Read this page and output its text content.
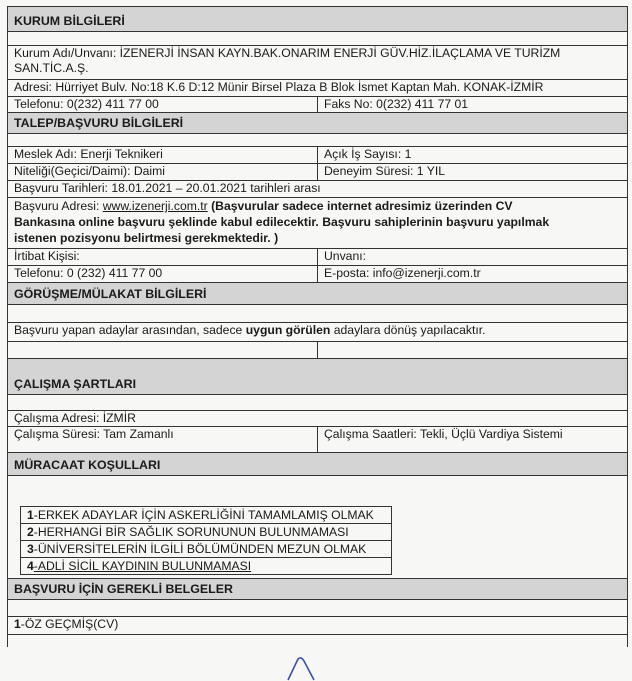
KURUM BİLGİLERİ
Kurum Adı/Unvanı: İZENERJİ İNSAN KAYN.BAK.ONARIM ENERJİ GÜV.HİZ.İLAÇLAMA VE TURİZM
SAN.TİC.A.Ş.
Adresi: Hürriyet Bulv. No:18 K.6 D:12 Münir Birsel Plaza B Blok İsmet Kaptan Mah. KONAK-İZMİR
Telefonu: 0(232) 411 77 00	Faks No: 0(232) 411 77 01
TALEP/BAŞVURU BİLGİLERİ
Meslek Adı: Enerji Teknikeri	Açık İş Sayısı: 1
Niteliği(Geçici/Daimi): Daimi	Deneyim Süresi: 1 YIL
Başvuru Tarihleri: 18.01.2021 – 20.01.2021 tarihleri arası
Başvuru Adresi: www.izenerji.com.tr (Başvurular sadece internet adresimiz üzerinden CV
Bankasına online başvuru şeklinde kabul edilecektir. Başvuru sahiplerinin başvuru yapılmak
istenen pozisyonu belirtmesi gerekmektedir. )
İrtibat Kişisi:	Unvanı:
Telefonu: 0 (232) 411 77 00	E-posta: info@izenerji.com.tr
GÖRÜŞME/MÜLAKAT BİLGİLERİ
Başvuru yapan adaylar arasından, sadece uygun görülen adaylara dönüş yapılacaktır.
ÇALIŞMA ŞARTLARI
Çalışma Adresi: İZMİR
Çalışma Süresi: Tam Zamanlı	Çalışma Saatleri: Tekli, Üçlü Vardiya Sistemi
MÜRACAAT KOŞULLARI
1-ERKEK ADAYLAR İÇİN ASKERLİĞİNİ TAMAMLAMIŞ OLMAK
2-HERHANGİ BİR SAĞLIK SORUNUNUN BULUNMAMASI
3-ÜNİVERSİTELERİN İLGİLİ BÖLÜMÜNDEN MEZUN OLMAK
4-ADLİ SİCİL KAYDININ BULUNMAMASI
BAŞVURU İÇİN GEREKLİ BELGELER
1-ÖZ GEÇMİŞ(CV)
